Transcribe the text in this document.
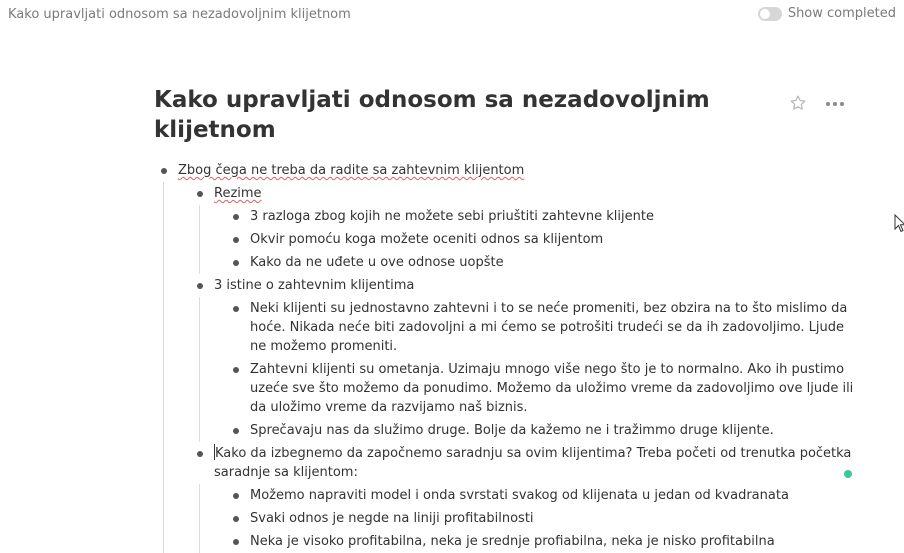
Kako upravljati odnosom sa nezadovoljnim klijetnom	Show completed
Kako upravljati odnosom sa nezadovoljnim klijetnom
Zbog čega ne treba da radite sa zahtevnim klijentom
Rezime
3 razloga zbog kojih ne možete sebi priuštiti zahtevne klijente
Okvir pomoću koga možete oceniti odnos sa klijentom
Kako da ne uđete u ove odnose uopšte
3 istine o zahtevnim klijentima
Neki klijenti su jednostavno zahtevni i to se neće promeniti, bez obzira na to što mislimo da hoće. Nikada neće biti zadovoljni a mi ćemo se potrošiti trudeći se da ih zadovoljimo. Ljude ne možemo promeniti.
Zahtevni klijenti su ometanja. Uzimaju mnogo više nego što je to normalno. Ako ih pustimo uzeće sve što možemo da ponudimo. Možemo da uložimo vreme da zadovoljimo ove ljude ili da uložimo vreme da razvijamo naš biznis.
Sprečavaju nas da služimo druge. Bolje da kažemo ne i tražimmo druge klijente.
Kako da izbegnemo da započnemo saradnju sa ovim klijentima? Treba početi od trenutka početka saradnje sa klijentom:
Možemo napraviti model i onda svrstati svakog od klijenata u jedan od kvadranata
Svaki odnos je negde na liniji profitabilnosti
Neka je visoko profitabilna, neka je srednje profiabilna, neka je nisko profitabilna
